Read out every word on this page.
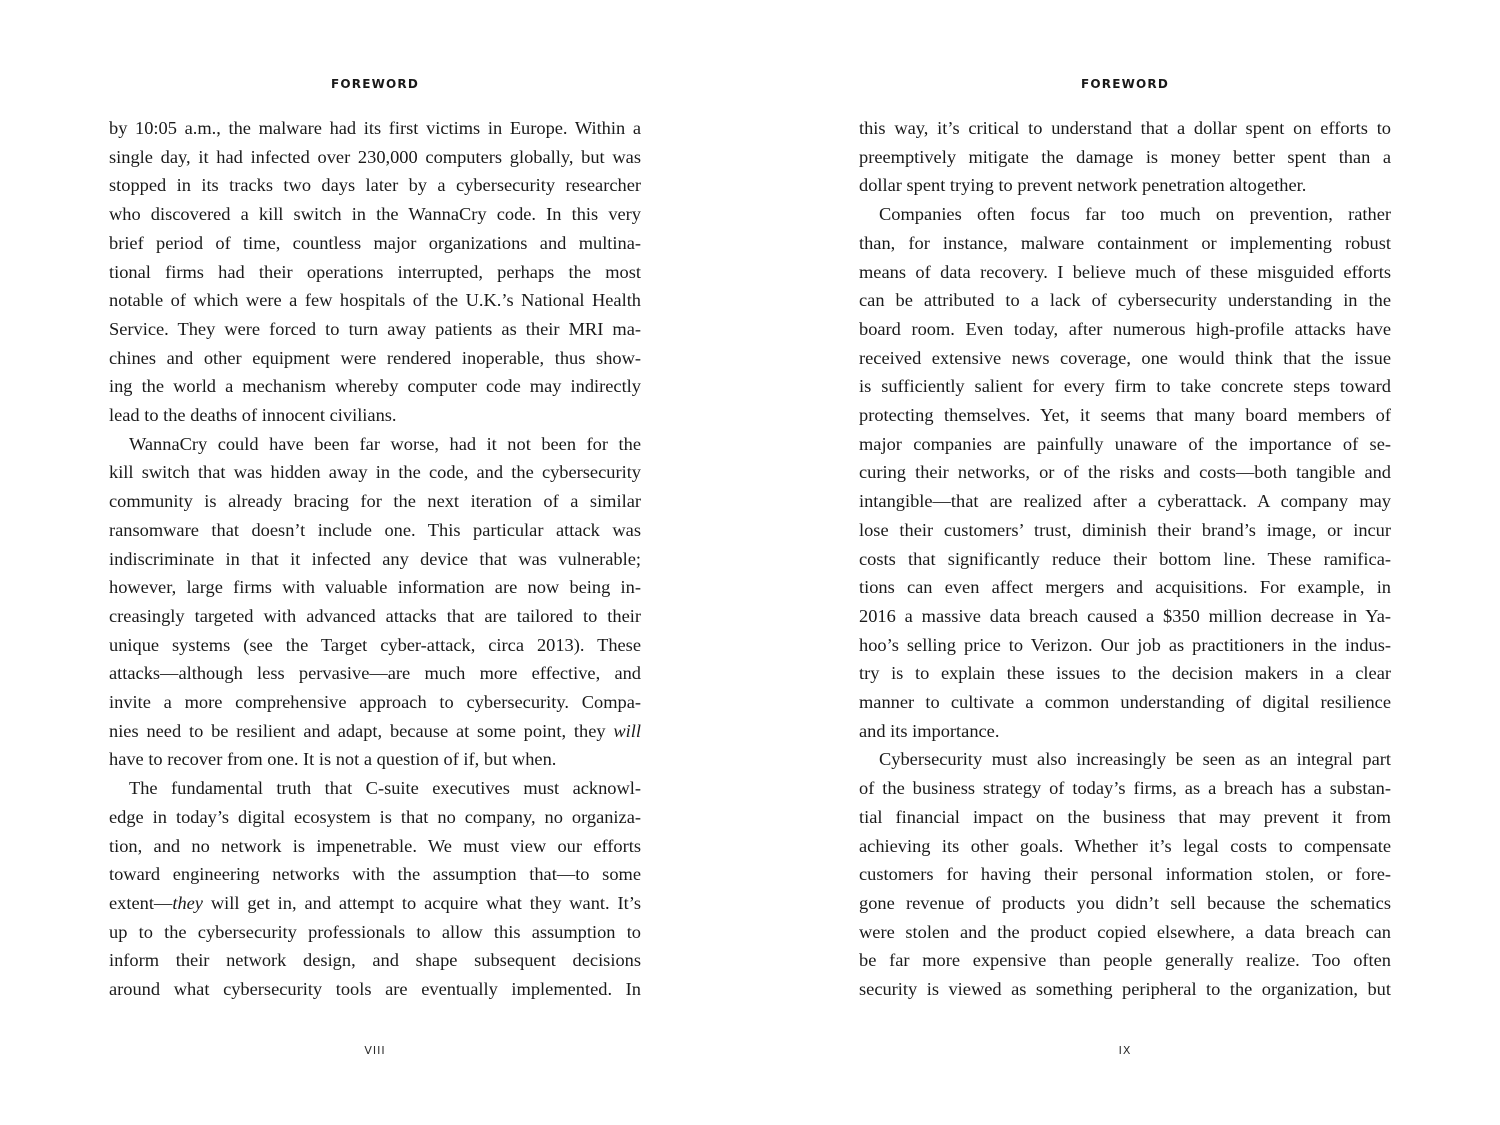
FOREWORD
by 10:05 a.m., the malware had its first victims in Europe. Within a
single day, it had infected over 230,000 computers globally, but was
stopped in its tracks two days later by a cybersecurity researcher
who discovered a kill switch in the WannaCry code. In this very
brief period of time, countless major organizations and multina-
tional firms had their operations interrupted, perhaps the most
notable of which were a few hospitals of the U.K.’s National Health
Service. They were forced to turn away patients as their MRI ma-
chines and other equipment were rendered inoperable, thus show-
ing the world a mechanism whereby computer code may indirectly
lead to the deaths of innocent civilians.
WannaCry could have been far worse, had it not been for the
kill switch that was hidden away in the code, and the cybersecurity
community is already bracing for the next iteration of a similar
ransomware that doesn’t include one. This particular attack was
indiscriminate in that it infected any device that was vulnerable;
however, large firms with valuable information are now being in-
creasingly targeted with advanced attacks that are tailored to their
unique systems (see the Target cyber-attack, circa 2013). These
attacks—although less pervasive—are much more effective, and
invite a more comprehensive approach to cybersecurity. Compa-
nies need to be resilient and adapt, because at some point, they will
have to recover from one. It is not a question of if, but when.
The fundamental truth that C-suite executives must acknowl-
edge in today’s digital ecosystem is that no company, no organiza-
tion, and no network is impenetrable. We must view our efforts
toward engineering networks with the assumption that—to some
extent—they will get in, and attempt to acquire what they want. It’s
up to the cybersecurity professionals to allow this assumption to
inform their network design, and shape subsequent decisions
around what cybersecurity tools are eventually implemented. In
VIII
FOREWORD
this way, it’s critical to understand that a dollar spent on efforts to
preemptively mitigate the damage is money better spent than a
dollar spent trying to prevent network penetration altogether.
Companies often focus far too much on prevention, rather
than, for instance, malware containment or implementing robust
means of data recovery. I believe much of these misguided efforts
can be attributed to a lack of cybersecurity understanding in the
board room. Even today, after numerous high-profile attacks have
received extensive news coverage, one would think that the issue
is sufficiently salient for every firm to take concrete steps toward
protecting themselves. Yet, it seems that many board members of
major companies are painfully unaware of the importance of se-
curing their networks, or of the risks and costs—both tangible and
intangible—that are realized after a cyberattack. A company may
lose their customers’ trust, diminish their brand’s image, or incur
costs that significantly reduce their bottom line. These ramifica-
tions can even affect mergers and acquisitions. For example, in
2016 a massive data breach caused a $350 million decrease in Ya-
hoo’s selling price to Verizon. Our job as practitioners in the indus-
try is to explain these issues to the decision makers in a clear
manner to cultivate a common understanding of digital resilience
and its importance.
Cybersecurity must also increasingly be seen as an integral part
of the business strategy of today’s firms, as a breach has a substan-
tial financial impact on the business that may prevent it from
achieving its other goals. Whether it’s legal costs to compensate
customers for having their personal information stolen, or fore-
gone revenue of products you didn’t sell because the schematics
were stolen and the product copied elsewhere, a data breach can
be far more expensive than people generally realize. Too often
security is viewed as something peripheral to the organization, but
IX
